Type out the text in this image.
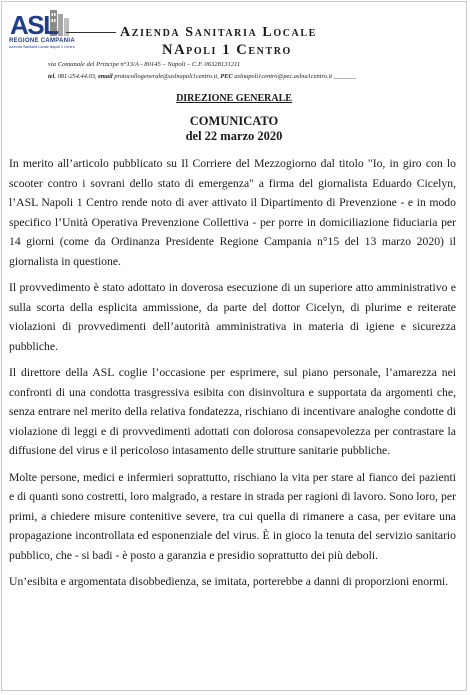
ASL
REGIONE CAMPANIA
Azienda Sanitaria Locale Napoli 1 Centro
Azienda Sanitaria Locale
NApoli 1 Centro
via Comunale del Principe n°13/A - 80145 – Napoli – C.F. 06328131211
tel. 081-254.44.03, email protocollogenerale@aslnapoli1centro.it, PEC aslnapoli1centro@pec.aslna1centro.it _______
DIREZIONE GENERALE
COMUNICATO
del 22 marzo 2020

In merito all’articolo pubblicato su Il Corriere del Mezzogiorno dal titolo "Io, in giro con lo scooter contro i sovrani dello stato di emergenza" a firma del giornalista Eduardo Cicelyn, l’ASL Napoli 1 Centro rende noto di aver attivato il Dipartimento di Prevenzione - e in modo specifico l’Unità Operativa Prevenzione Collettiva - per porre in domiciliazione fiduciaria per 14 giorni (come da Ordinanza Presidente Regione Campania n°15 del 13 marzo 2020) il giornalista in questione.

Il provvedimento è stato adottato in doverosa esecuzione di un superiore atto amministrativo e sulla scorta della esplicita ammissione, da parte del dottor Cicelyn, di plurime e reiterate violazioni di provvedimenti dell’autorità amministrativa in materia di igiene e sicurezza pubbliche.

Il direttore della ASL coglie l’occasione per esprimere, sul piano personale, l’amarezza nei confronti di una condotta trasgressiva esibita con disinvoltura e supportata da argomenti che, senza entrare nel merito della relativa fondatezza, rischiano di incentivare analoghe condotte di violazione di leggi e di provvedimenti adottati con dolorosa consapevolezza per contrastare la diffusione del virus e il pericoloso intasamento delle strutture sanitarie pubbliche.

Molte persone, medici e infermieri soprattutto, rischiano la vita per stare al fianco dei pazienti e di quanti sono costretti, loro malgrado, a restare in strada per ragioni di lavoro. Sono loro, per primi, a chiedere misure contenitive severe, tra cui quella di rimanere a casa, per evitare una propagazione incontrollata ed esponenziale del virus. È in gioco la tenuta del servizio sanitario pubblico, che - si badi - è posto a garanzia e presidio soprattutto dei più deboli.

Un’esibita e argomentata disobbedienza, se imitata, porterebbe a danni di proporzioni enormi.
